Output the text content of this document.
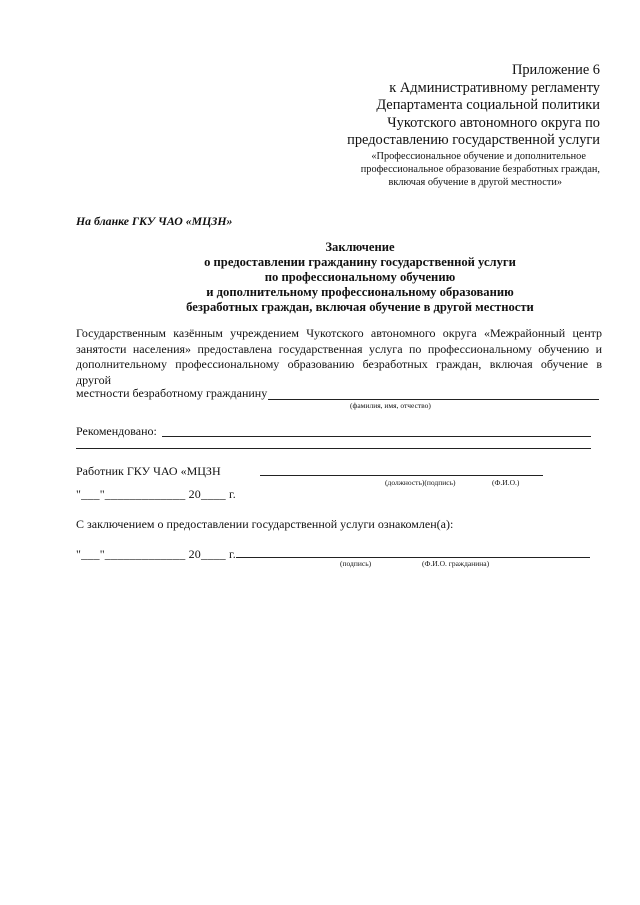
Приложение 6
к Административному регламенту
Департамента социальной политики
Чукотского автономного округа по
предоставлению государственной услуги
«Профессиональное обучение и дополнительное
профессиональное образование безработных граждан,
включая обучение в другой местности»
На бланке ГКУ ЧАО «МЦЗН»
Заключение
о предоставлении гражданину государственной услуги
по профессиональному обучению
и дополнительному профессиональному образованию
безработных граждан, включая обучение в другой местности
Государственным казённым учреждением Чукотского автономного округа «Межрайонный центр
занятости населения» предоставлена государственная услуга по профессиональному обучению и
дополнительному профессиональному образованию безработных граждан, включая обучение в другой
местности безработному гражданину
(фамилия, имя, отчество)
Рекомендовано:
Работник ГКУ ЧАО «МЦЗН
(должность)(подпись)	(Ф.И.О.)
"___"_____________ 20____ г.
С заключением о предоставлении государственной услуги ознакомлен(а):
"___"_____________ 20____ г.
(подпись)	(Ф.И.О. гражданина)
